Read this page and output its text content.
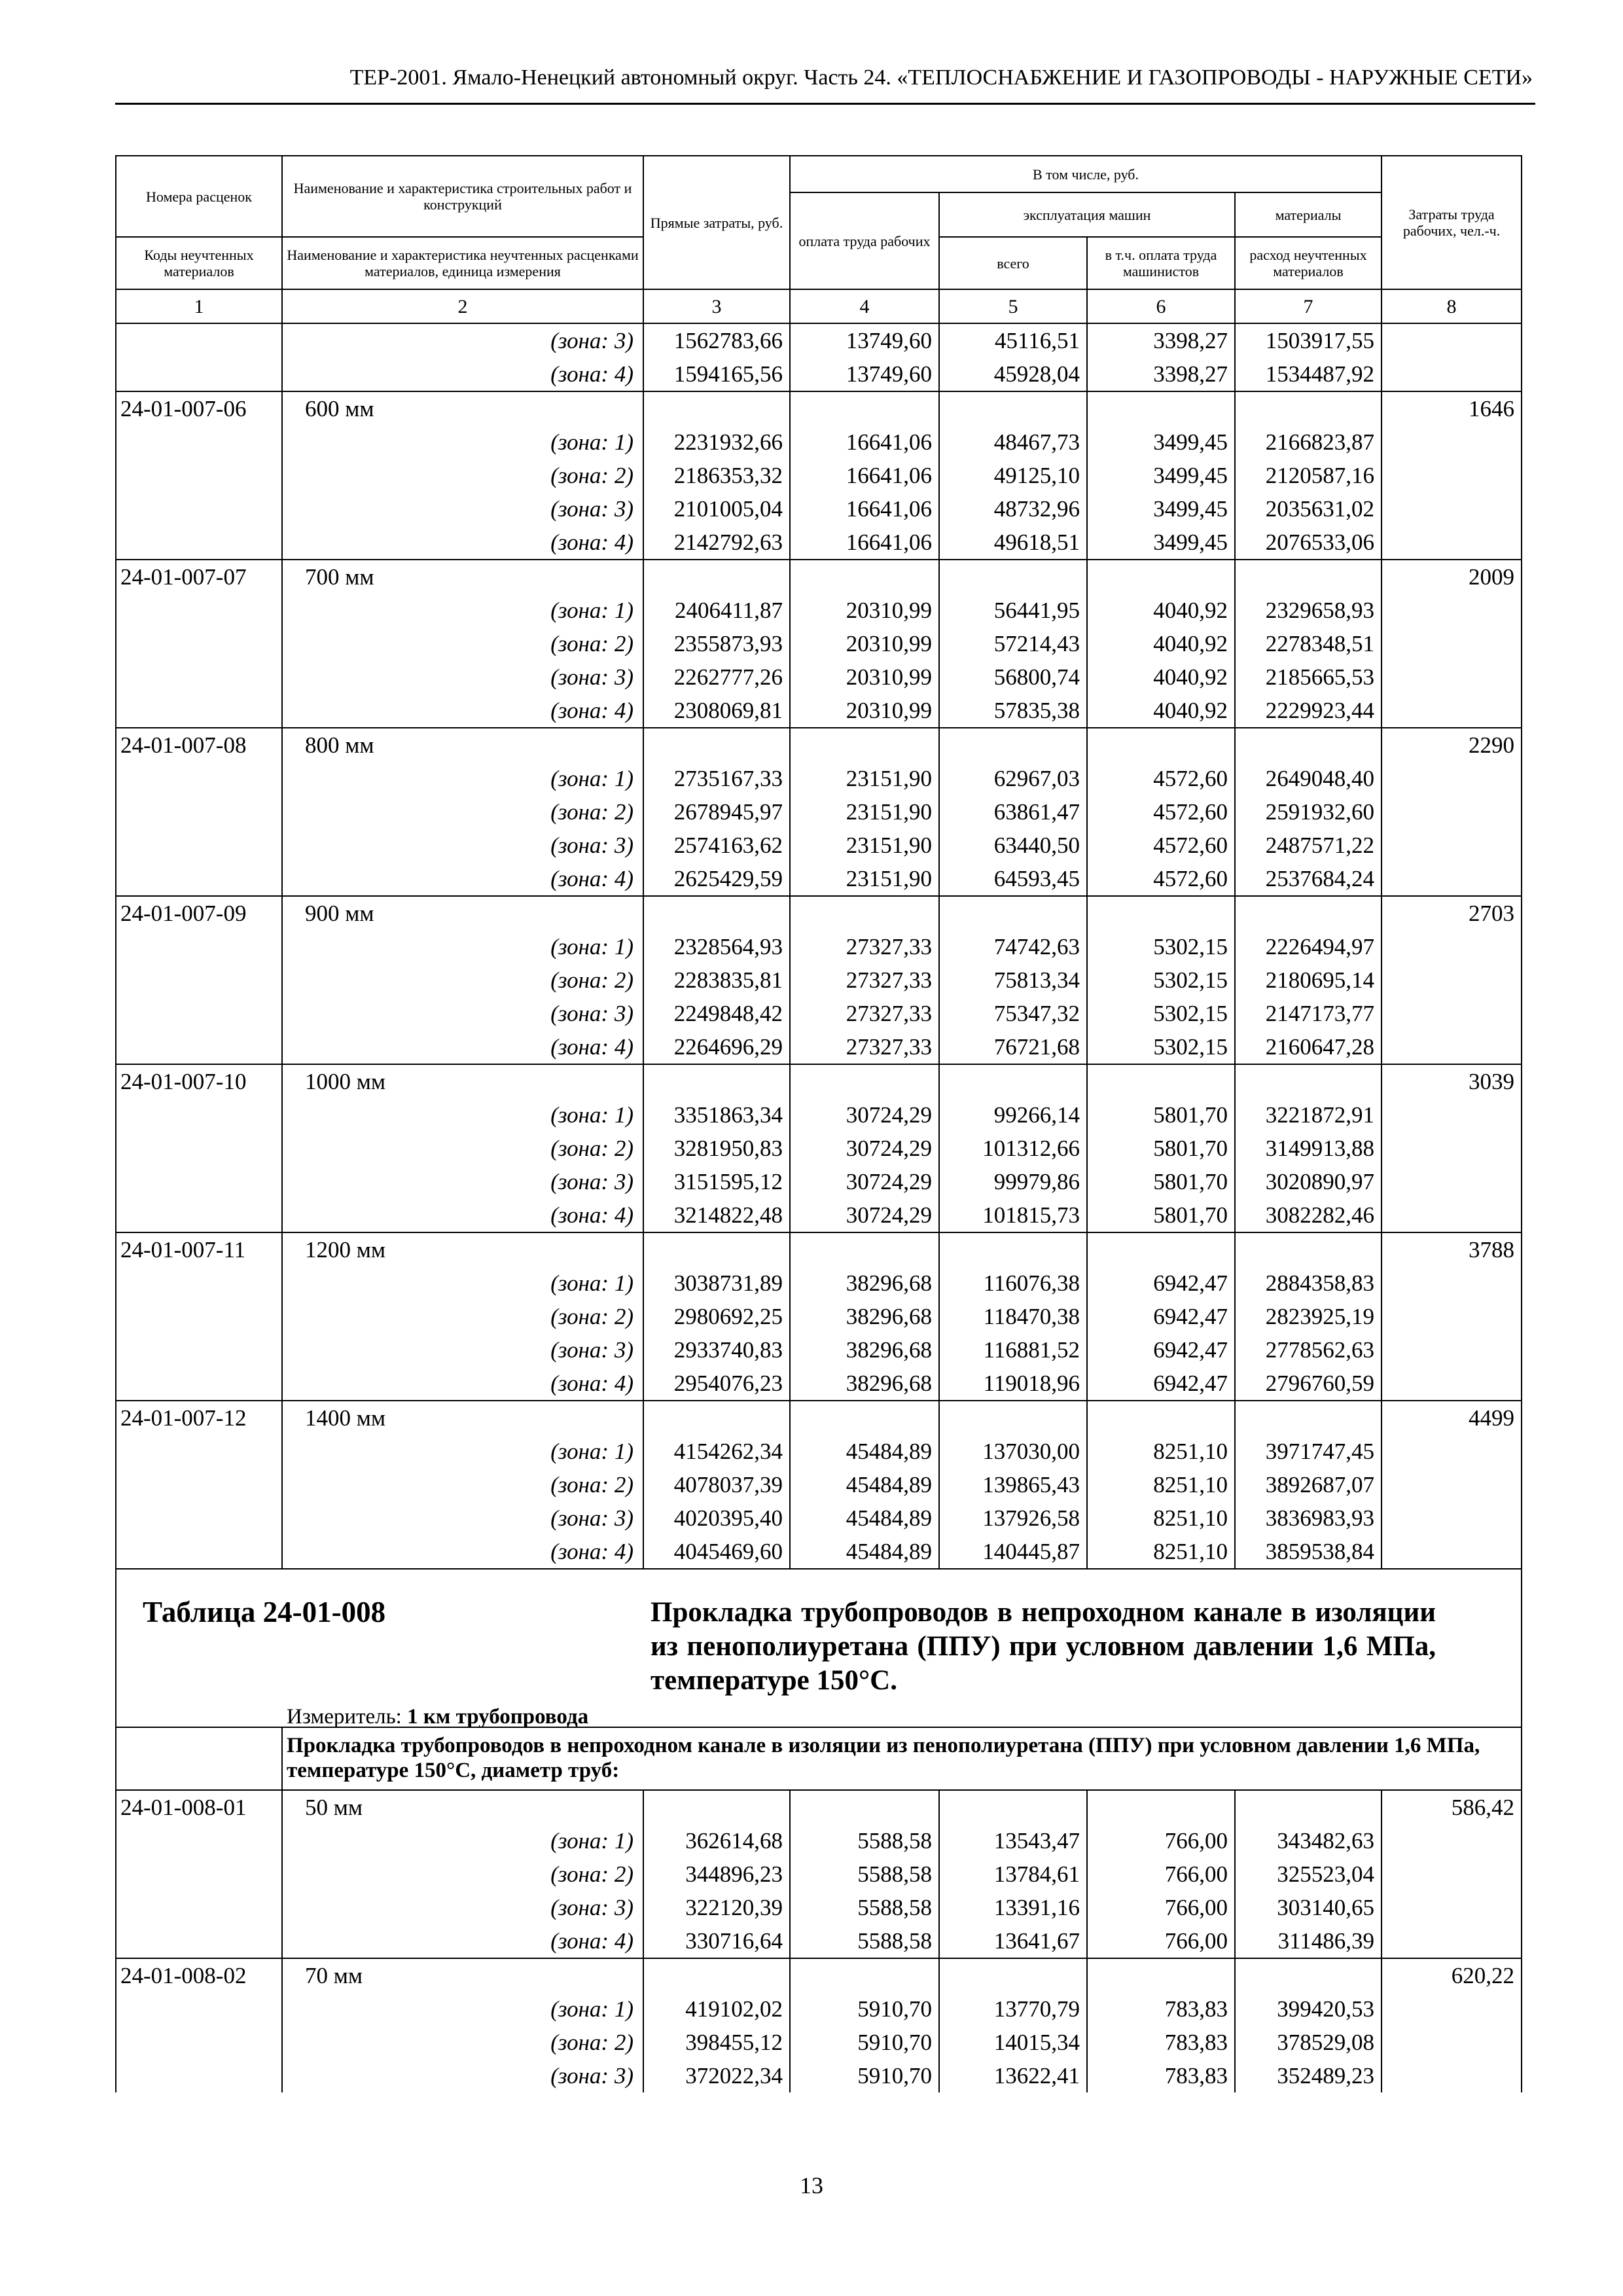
ТЕР-2001. Ямало-Ненецкий автономный округ. Часть 24. «ТЕПЛОСНАБЖЕНИЕ И ГАЗОПРОВОДЫ - НАРУЖНЫЕ СЕТИ»
Номера расценок	Наименование и характеристика строительных работ и конструкций	Прямые затраты, руб.	В том числе, руб.				Затраты труда рабочих, чел.-ч.
			оплата труда рабочих	эксплуатация машин		материалы	
Коды неучтенных материалов	Наименование и характеристика неучтенных расценками материалов, единица измерения			всего	в т.ч. оплата труда машинистов	расход неучтенных материалов	
1	2	3	4	5	6	7	8
	(зона: 3)	1562783,66	13749,60	45116,51	3398,27	1503917,55	
	(зона: 4)	1594165,56	13749,60	45928,04	3398,27	1534487,92	
24-01-007-06	600 мм						1646
	(зона: 1)	2231932,66	16641,06	48467,73	3499,45	2166823,87	
	(зона: 2)	2186353,32	16641,06	49125,10	3499,45	2120587,16	
	(зона: 3)	2101005,04	16641,06	48732,96	3499,45	2035631,02	
	(зона: 4)	2142792,63	16641,06	49618,51	3499,45	2076533,06	
24-01-007-07	700 мм						2009
	(зона: 1)	2406411,87	20310,99	56441,95	4040,92	2329658,93	
	(зона: 2)	2355873,93	20310,99	57214,43	4040,92	2278348,51	
	(зона: 3)	2262777,26	20310,99	56800,74	4040,92	2185665,53	
	(зона: 4)	2308069,81	20310,99	57835,38	4040,92	2229923,44	
24-01-007-08	800 мм						2290
	(зона: 1)	2735167,33	23151,90	62967,03	4572,60	2649048,40	
	(зона: 2)	2678945,97	23151,90	63861,47	4572,60	2591932,60	
	(зона: 3)	2574163,62	23151,90	63440,50	4572,60	2487571,22	
	(зона: 4)	2625429,59	23151,90	64593,45	4572,60	2537684,24	
24-01-007-09	900 мм						2703
	(зона: 1)	2328564,93	27327,33	74742,63	5302,15	2226494,97	
	(зона: 2)	2283835,81	27327,33	75813,34	5302,15	2180695,14	
	(зона: 3)	2249848,42	27327,33	75347,32	5302,15	2147173,77	
	(зона: 4)	2264696,29	27327,33	76721,68	5302,15	2160647,28	
24-01-007-10	1000 мм						3039
	(зона: 1)	3351863,34	30724,29	99266,14	5801,70	3221872,91	
	(зона: 2)	3281950,83	30724,29	101312,66	5801,70	3149913,88	
	(зона: 3)	3151595,12	30724,29	99979,86	5801,70	3020890,97	
	(зона: 4)	3214822,48	30724,29	101815,73	5801,70	3082282,46	
24-01-007-11	1200 мм						3788
	(зона: 1)	3038731,89	38296,68	116076,38	6942,47	2884358,83	
	(зона: 2)	2980692,25	38296,68	118470,38	6942,47	2823925,19	
	(зона: 3)	2933740,83	38296,68	116881,52	6942,47	2778562,63	
	(зона: 4)	2954076,23	38296,68	119018,96	6942,47	2796760,59	
24-01-007-12	1400 мм						4499
	(зона: 1)	4154262,34	45484,89	137030,00	8251,10	3971747,45	
	(зона: 2)	4078037,39	45484,89	139865,43	8251,10	3892687,07	
	(зона: 3)	4020395,40	45484,89	137926,58	8251,10	3836983,93	
	(зона: 4)	4045469,60	45484,89	140445,87	8251,10	3859538,84	

Таблица 24-01-008 Прокладка трубопроводов в непроходном канале в изоляции из пенополиуретана (ППУ) при условном давлении 1,6 МПа, температуре 150°С.
Измеритель: 1 км трубопровода							

	Прокладка трубопроводов в непроходном канале в изоляции из пенополиуретана (ППУ) при условном давлении 1,6 МПа, температуре 150°С, диаметр труб:						
24-01-008-01	50 мм						586,42
	(зона: 1)	362614,68	5588,58	13543,47	766,00	343482,63	
	(зона: 2)	344896,23	5588,58	13784,61	766,00	325523,04	
	(зона: 3)	322120,39	5588,58	13391,16	766,00	303140,65	
	(зона: 4)	330716,64	5588,58	13641,67	766,00	311486,39	
24-01-008-02	70 мм						620,22
	(зона: 1)	419102,02	5910,70	13770,79	783,83	399420,53	
	(зона: 2)	398455,12	5910,70	14015,34	783,83	378529,08	
	(зона: 3)	372022,34	5910,70	13622,41	783,83	352489,23	
13
